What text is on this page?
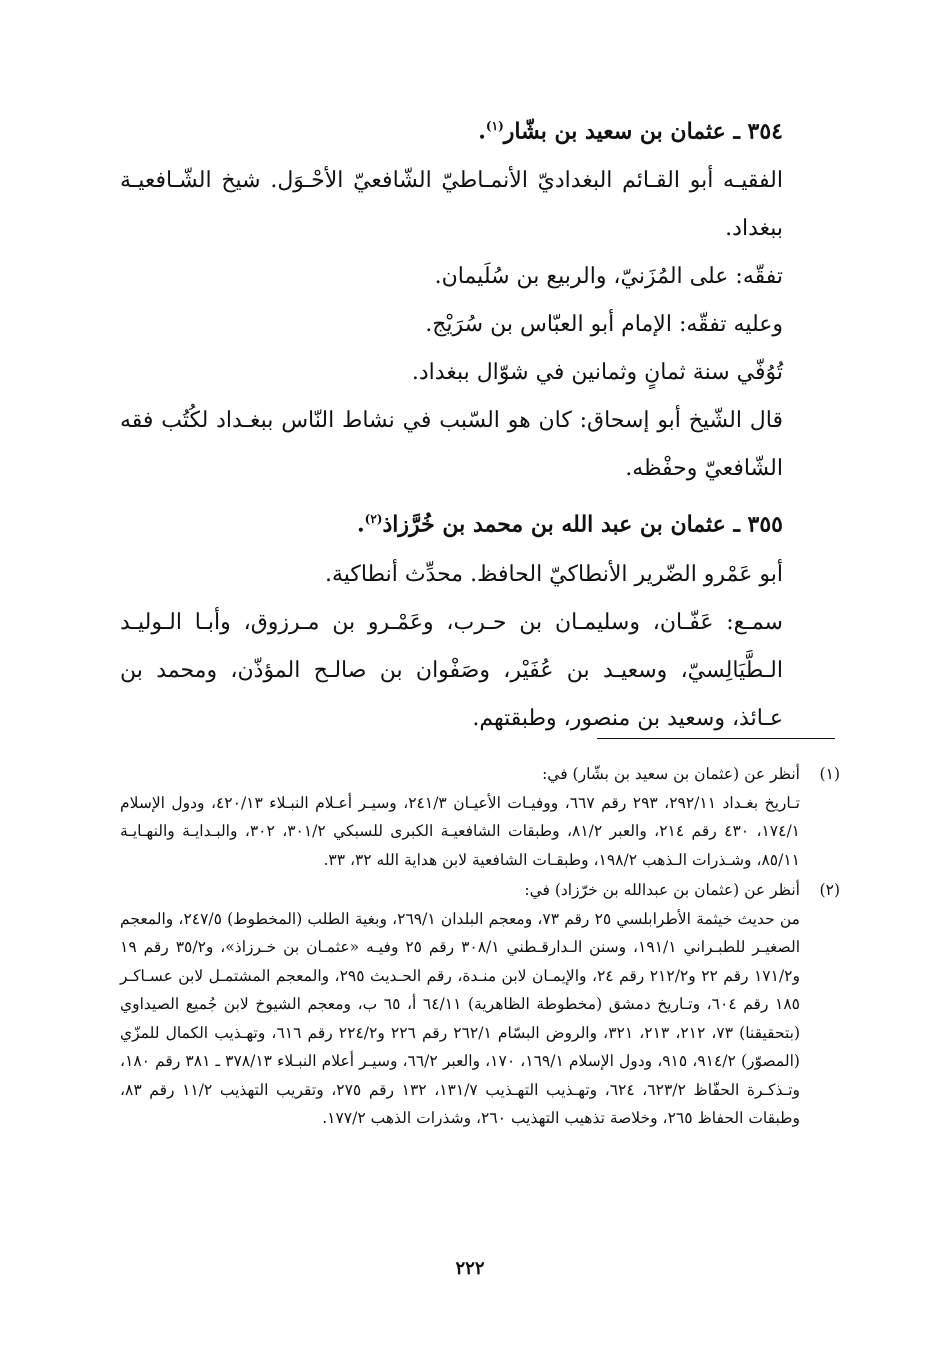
٣٥٤ ـ عثمان بن سعيد بن بشّار$^{(١)}$.

الفقيـه أبو القـائم البغداديّ الأنمـاطيّ الشّافعيّ الأحْـوَل. شيخ الشّـافعيـة ببغداد.

تفقّه: على المُزَنيّ، والربيع بن سُلَيمان.

وعليه تفقّه: الإمام أبو العبّاس بن سُرَيْج.

تُوُفّي سنة ثمانٍ وثمانين في شوّال ببغداد.

قال الشّيخ أبو إسحاق: كان هو السّبب في نشاط النّاس ببغـداد لكُتُب فقه الشّافعيّ وحفْظه.

٣٥٥ ـ عثمان بن عبد الله بن محمد بن خُرَّزاذ$^{(٢)}$.

أبو عَمْرو الضّرير الأنطاكيّ الحافظ. محدِّث أنطاكية.

سمـع: عَفّـان، وسليمـان بن حـرب، وعَمْـرو بن مـرزوق، وأبـا الـوليـد الـطَّيَالِسيّ، وسعيـد بن عُفَيْر، وصَفْوان بن صالـح المؤذّن، ومحمد بن عـائذ، وسعيد بن منصور، وطبقتهم.

(١)

أنظر عن (عثمان بن سعيد بن بشّار) في:

تـاريخ بغـداد ٢٩٢/١١، ٢٩٣ رقم ٦٦٧، ووفيـات الأعيـان ٢٤١/٣، وسيـر أعـلام النبـلاء ٤٢٠/١٣، ودول الإسلام ١٧٤/١، ٤٣٠ رقم ٢١٤، والعبر ٨١/٢، وطبقات الشافعيـة الكبرى للسبكي ٣٠١/٢، ٣٠٢، والبـدايـة والنهـايـة ٨٥/١١، وشـذرات الـذهب ١٩٨/٢، وطبقـات الشافعية لابن هداية الله ٣٢، ٣٣.

(٢)

أنظر عن (عثمان بن عبدالله بن خرّزاد) في:

من حديث خيثمة الأطرابلسي ٢٥ رقم ٧٣، ومعجم البلدان ٢٦٩/١، وبغية الطلب (المخطوط) ٢٤٧/٥، والمعجم الصغيـر للطبـراني ١٩١/١، وسنن الـدارقـطني ٣٠٨/١ رقم ٢٥ وفيـه «عثمـان بن خـرزاذ»، و٣٥/٢ رقم ١٩ و١٧١/٢ رقم ٢٢ و٢١٢/٢ رقم ٢٤، والإيمـان لابن منـدة، رقم الحـديث ٢٩٥، والمعجم المشتمـل لابن عسـاكـر ١٨٥ رقم ٦٠٤، وتـاريخ دمشق (مخطوطة الظاهرية) ٦٤/١١ أ، ٦٥ ب، ومعجم الشيوخ لابن جُميع الصيداوي (بتحقيقنا) ٧٣، ٢١٢، ٢١٣، ٣٢١، والروض البسّام ٢٦٢/١ رقم ٢٢٦ و٢٢٤/٢ رقم ٦١٦، وتهـذيب الكمال للمزّي (المصوّر) ٩١٤/٢، ٩١٥، ودول الإسلام ١٦٩/١، ١٧٠، والعبر ٦٦/٢، وسيـر أعلام النبـلاء ٣٧٨/١٣ ـ ٣٨١ رقم ١٨٠، وتـذكـرة الحفّاظ ٦٢٣/٢، ٦٢٤، وتهـذيب التهـذيب ١٣١/٧، ١٣٢ رقم ٢٧٥، وتقريب التهذيب ١١/٢ رقم ٨٣، وطبقات الحفاظ ٢٦٥، وخلاصة تذهيب التهذيب ٢٦٠، وشذرات الذهب ١٧٧/٢.

٢٢٢
